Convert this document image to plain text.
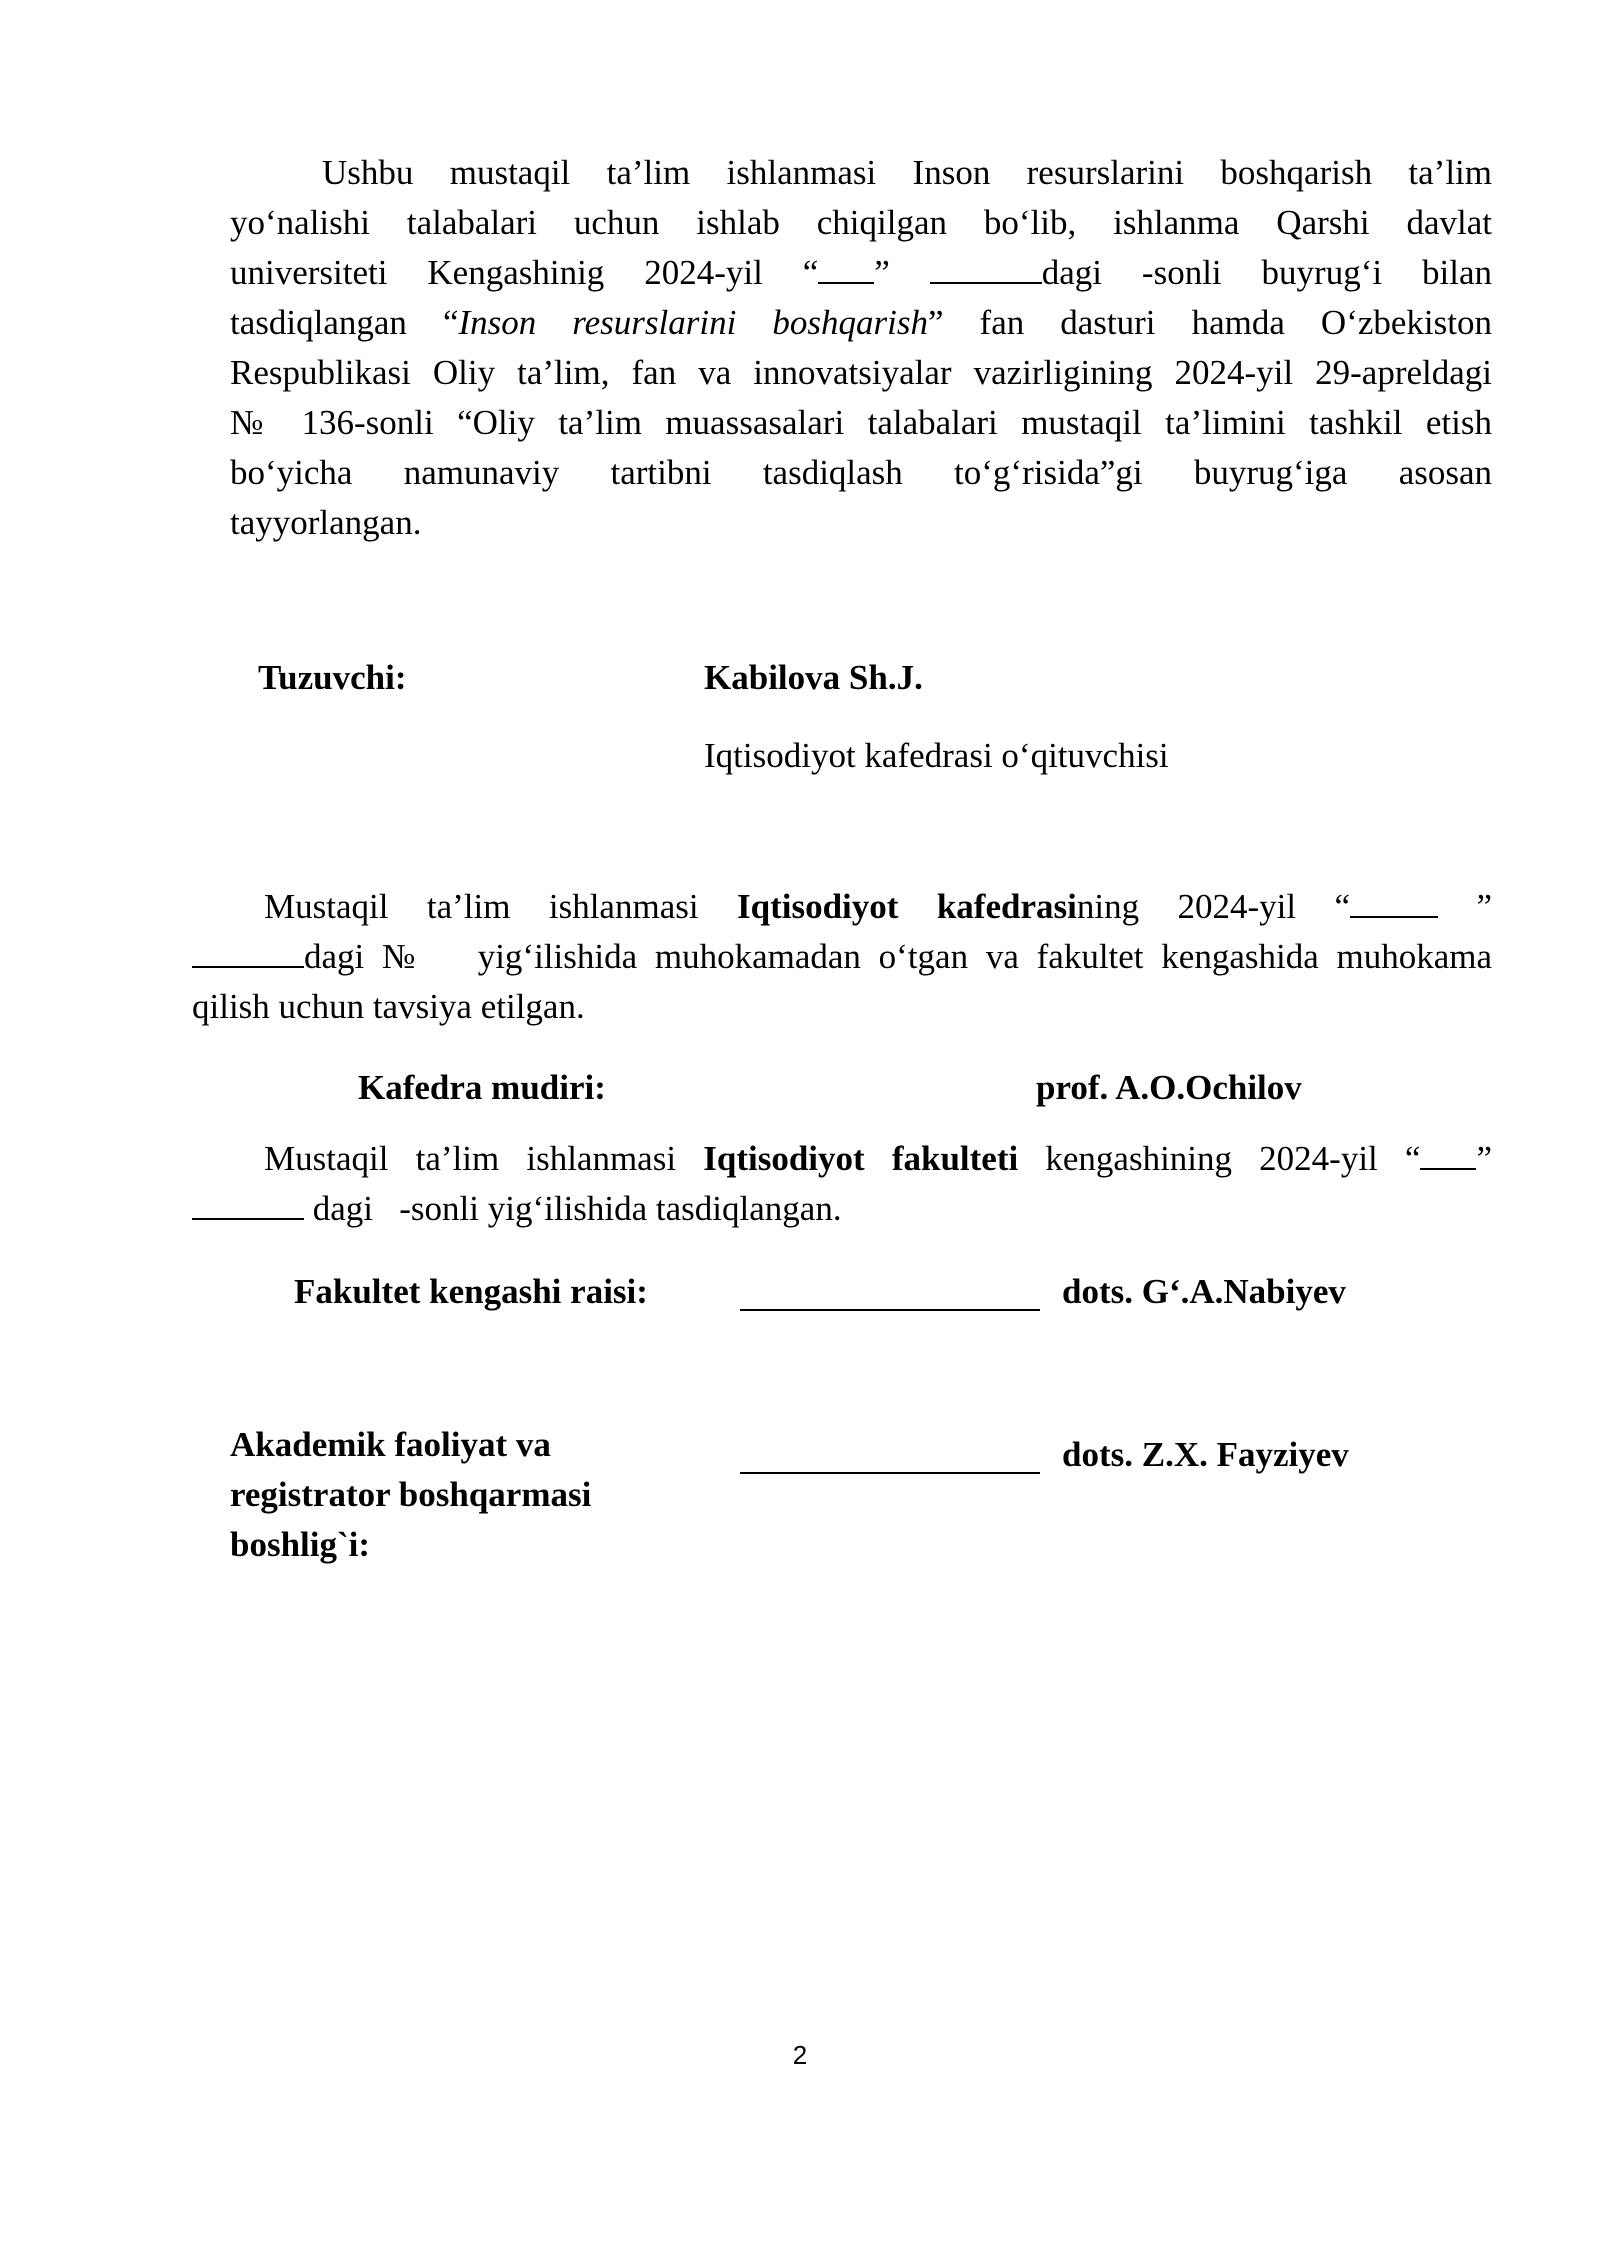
Ushbu mustaqil ta’lim ishlanmasi Inson resurslarini boshqarish ta’lim
yo‘nalishi talabalari uchun ishlab chiqilgan bo‘lib, ishlanma Qarshi davlat
universiteti Kengashinig 2024-yil “ ”	dagi -sonli buyrug‘i bilan
tasdiqlangan “Inson resurslarini boshqarish” fan dasturi hamda O‘zbekiston
Respublikasi Oliy ta’lim, fan va innovatsiyalar vazirligining 2024-yil 29-apreldagi
№ 136-sonli “Oliy ta’lim muassasalari talabalari mustaqil ta’limini tashkil etish
bo‘yicha namunaviy tartibni tasdiqlash to‘g‘risida”gi buyrug‘iga asosan
tayyorlangan.
Tuzuvchi:	Kabilova Sh.J.
Iqtisodiyot kafedrasi o‘qituvchisi
Mustaqil ta’lim ishlanmasi Iqtisodiyot kafedrasining 2024-yil “	”
dagi № yig‘ilishida muhokamadan o‘tgan va fakultet kengashida muhokama
qilish uchun tavsiya etilgan.
Kafedra mudiri:	prof. A.O.Ochilov
Mustaqil ta’lim ishlanmasi Iqtisodiyot fakulteti kengashining 2024-yil “ ”
dagi -sonli yig‘ilishida tasdiqlangan.
Fakultet kengashi raisi:	dots. G‘.A.Nabiyev
Akademik faoliyat va
registrator boshqarmasi
boshlig`i:
dots. Z.X. Fayziyev
2
